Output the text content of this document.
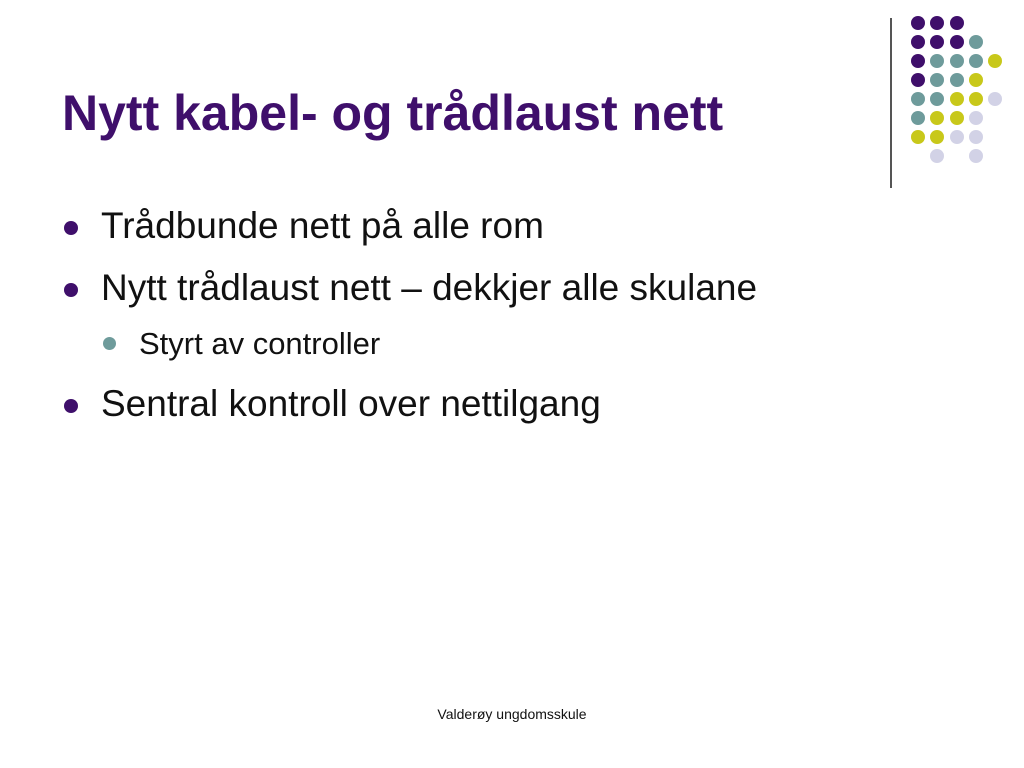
Nytt kabel- og trådlaust nett
Trådbunde nett på alle rom
Nytt trådlaust nett – dekkjer alle skulane
Styrt av controller
Sentral kontroll over nettilgang
Valderøy ungdomsskule
